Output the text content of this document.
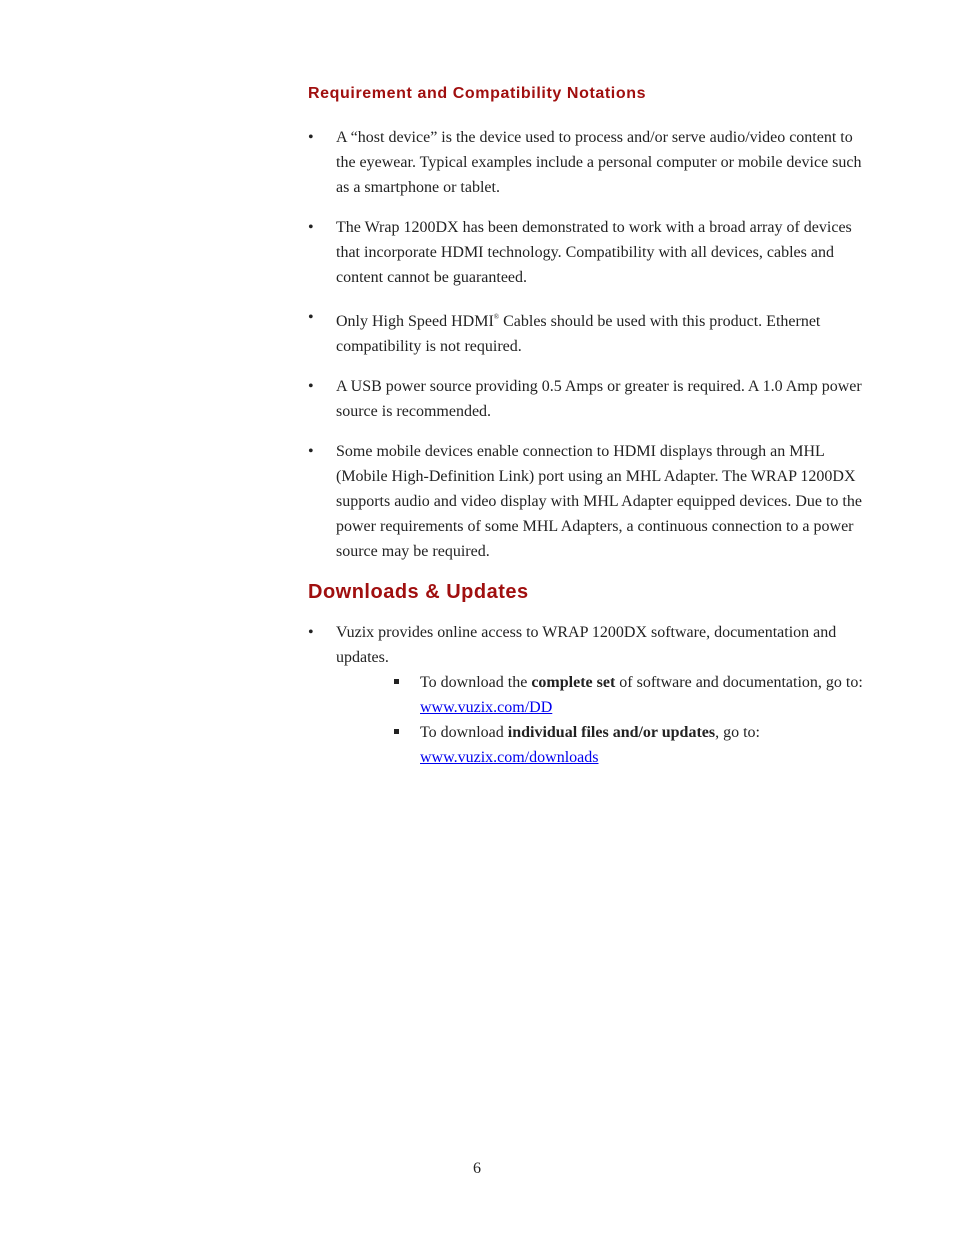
Requirement and Compatibility Notations
• A “host device” is the device used to process and/or serve audio/video content to the eyewear. Typical examples include a personal computer or mobile device such as a smartphone or tablet.
• The Wrap 1200DX has been demonstrated to work with a broad array of devices that incorporate HDMI technology. Compatibility with all devices, cables and content cannot be guaranteed.
• Only High Speed HDMI® Cables should be used with this product. Ethernet compatibility is not required.
• A USB power source providing 0.5 Amps or greater is required. A 1.0 Amp power source is recommended.
• Some mobile devices enable connection to HDMI displays through an MHL (Mobile High-Definition Link) port using an MHL Adapter. The WRAP 1200DX supports audio and video display with MHL Adapter equipped devices. Due to the power requirements of some MHL Adapters, a continuous connection to a power source may be required.
Downloads & Updates
• Vuzix provides online access to WRAP 1200DX software, documentation and updates.
To download the complete set of software and documentation, go to: www.vuzix.com/DD
To download individual files and/or updates, go to:
www.vuzix.com/downloads
6
